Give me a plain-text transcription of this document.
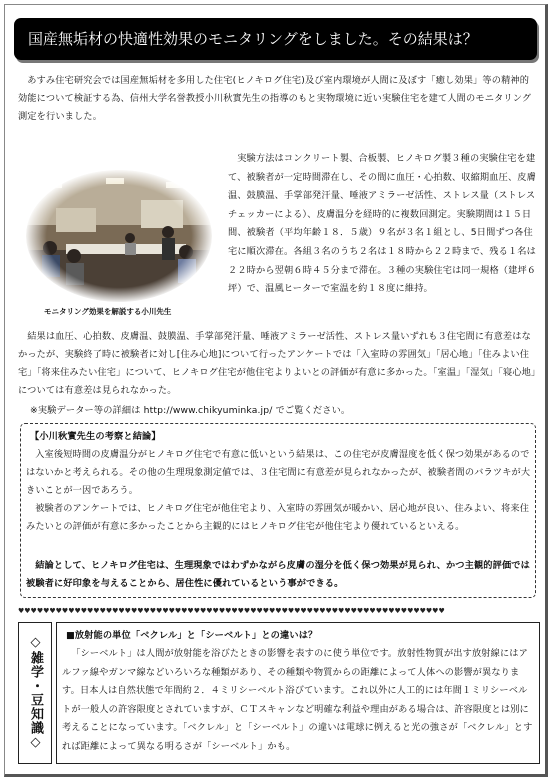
国産無垢材の快適性効果のモニタリングをしました。その結果は？
あすみ住宅研究会では国産無垢材を多用した住宅(ヒノキログ住宅)及び室内環境が人間に及ぼす「癒し効果」等の精神的効能について検証する為、信州大学名誉教授小川秋實先生の指導のもと実物環境に近い実験住宅を建て人間のモニタリング測定を行いました。
モニタリング効果を解説する小川先生
実験方法はコンクリート製、合板製、ヒノキログ製３種の実験住宅を建て、被験者が一定時間滞在し、その間に血圧・心拍数、収縮期血圧、皮膚温、鼓膜温、手掌部発汗量、唾液アミラーゼ活性、ストレス量（ストレスチェッカーによる）、皮膚温分を経時的に複数回測定。実験期間は１５日間、被験者（平均年齢１８．５歳）９名が３名１組とし、5日間ずつ各住宅に順次滞在。各組３名のうち２名は１８時から２２時まで、残る１名は２２時から翌朝６時４５分まで滞在。３種の実験住宅は同一規格（建坪６坪）で、温風ヒーターで室温を約１８度に維持。
結果は血圧、心拍数、皮膚温、鼓膜温、手掌部発汗量、唾液アミラーゼ活性、ストレス量いずれも３住宅間に有意差はなかったが、実験終了時に被験者に対し[住み心地]について行ったアンケートでは「入室時の雰囲気」「居心地」「住みよい住宅」「将来住みたい住宅」について、ヒノキログ住宅が他住宅よりよいとの評価が有意に多かった。「室温」「湿気」「寝心地」については有意差は見られなかった。
※実験データー等の詳細は http://www.chikyuminka.jp/ でご覧ください。
【小川秋實先生の考察と結論】
入室後短時間の皮膚温分がヒノキログ住宅で有意に低いという結果は、この住宅が皮膚湿度を低く保つ効果があるのではないかと考えられる。その他の生理現象測定値では、３住宅間に有意差が見られなかったが、被験者間のバラツキが大きいことが一因であろう。
被験者のアンケートでは、ヒノキログ住宅が他住宅より、入室時の雰囲気が暖かい、居心地が良い、住みよい、将来住みたいとの評価が有意に多かったことから主観的にはヒノキログ住宅が他住宅より優れているといえる。
結論として、ヒノキログ住宅は、生理現象ではわずかながら皮膚の湿分を低く保つ効果が見られ、かつ主観的評価では被験者に好印象を与えることから、居住性に優れているという事ができる。
♥♥♥♥♥♥♥♥♥♥♥♥♥♥♥♥♥♥♥♥♥♥♥♥♥♥♥♥♥♥♥♥♥♥♥♥♥♥♥♥♥♥♥♥♥♥♥♥♥♥♥♥♥♥♥♥♥♥♥♥♥♥♥♥♥♥♥♥
◇雑学・豆知識◇	■放射能の単位「ベクレル」と「シーベルト」との違いは？
「シーベルト」は人間が放射能を浴びたときの影響を表すのに使う単位です。放射性物質が出す放射線にはアルファ線やガンマ線などいろいろな種類があり、その種類や物質からの距離によって人体への影響が異なります。日本人は自然状態で年間約２．４ミリシーベルト浴びています。これ以外に人工的には年間１ミリシーベルトが一般人の許容限度とされていますが、ＣＴスキャンなど明確な利益や理由がある場合は、許容限度とは別に考えることになっています。「ベクレル」と「シーベルト」の違いは電球に例えると光の強さが「ベクレル」とすれば距離によって異なる明るさが「シーベルト」かも。
